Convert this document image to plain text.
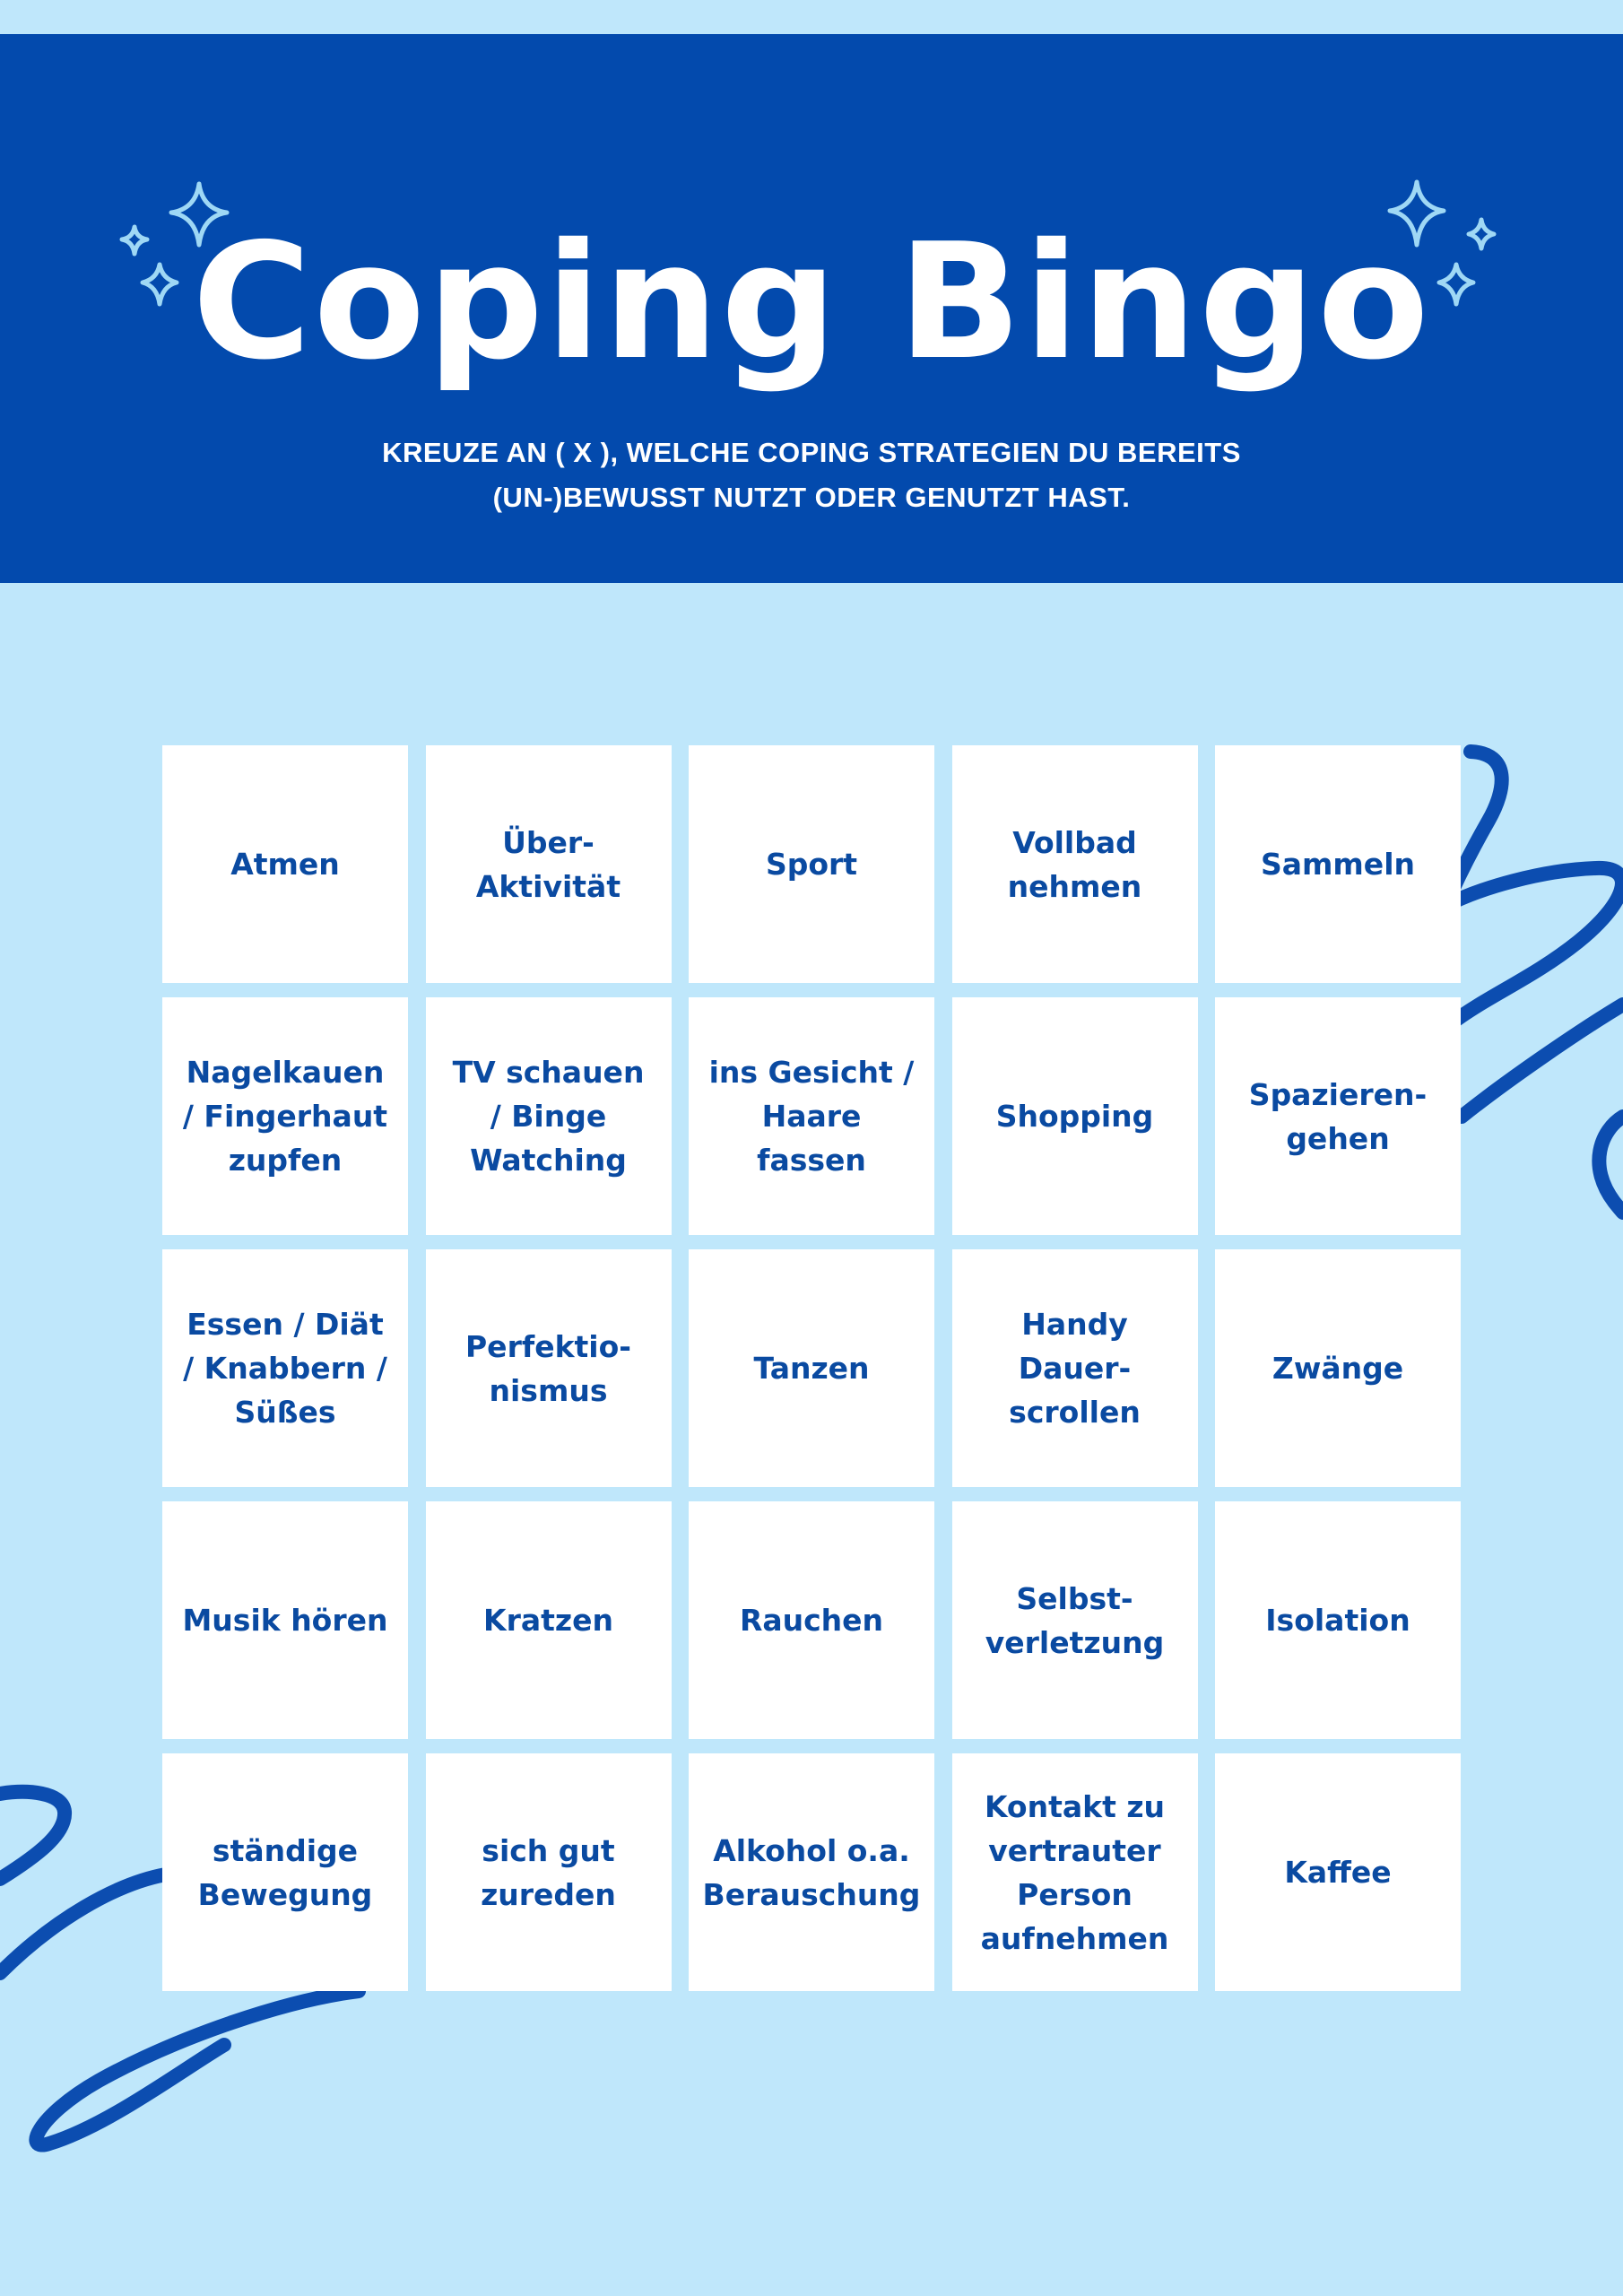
Coping Bingo
KREUZE AN ( X ), WELCHE COPING STRATEGIEN DU BEREITS
(UN-)BEWUSST NUTZT ODER GENUTZT HAST.
Atmen
Über-
Aktivität
Sport
Vollbad
nehmen
Sammeln
Nagelkauen
/ Fingerhaut
zupfen
TV schauen
/ Binge
Watching
ins Gesicht /
Haare
fassen
Shopping
Spazieren-
gehen
Essen / Diät
/ Knabbern /
Süßes
Perfektio-
nismus
Tanzen
Handy
Dauer-
scrollen
Zwänge
Musik hören	Kratzen	Rauchen
Selbst-
verletzung
Isolation
ständige
Bewegung
sich gut
zureden
Alkohol o.a.
Berauschung
Kontakt zu
vertrauter
Person
aufnehmen
Kaffee
